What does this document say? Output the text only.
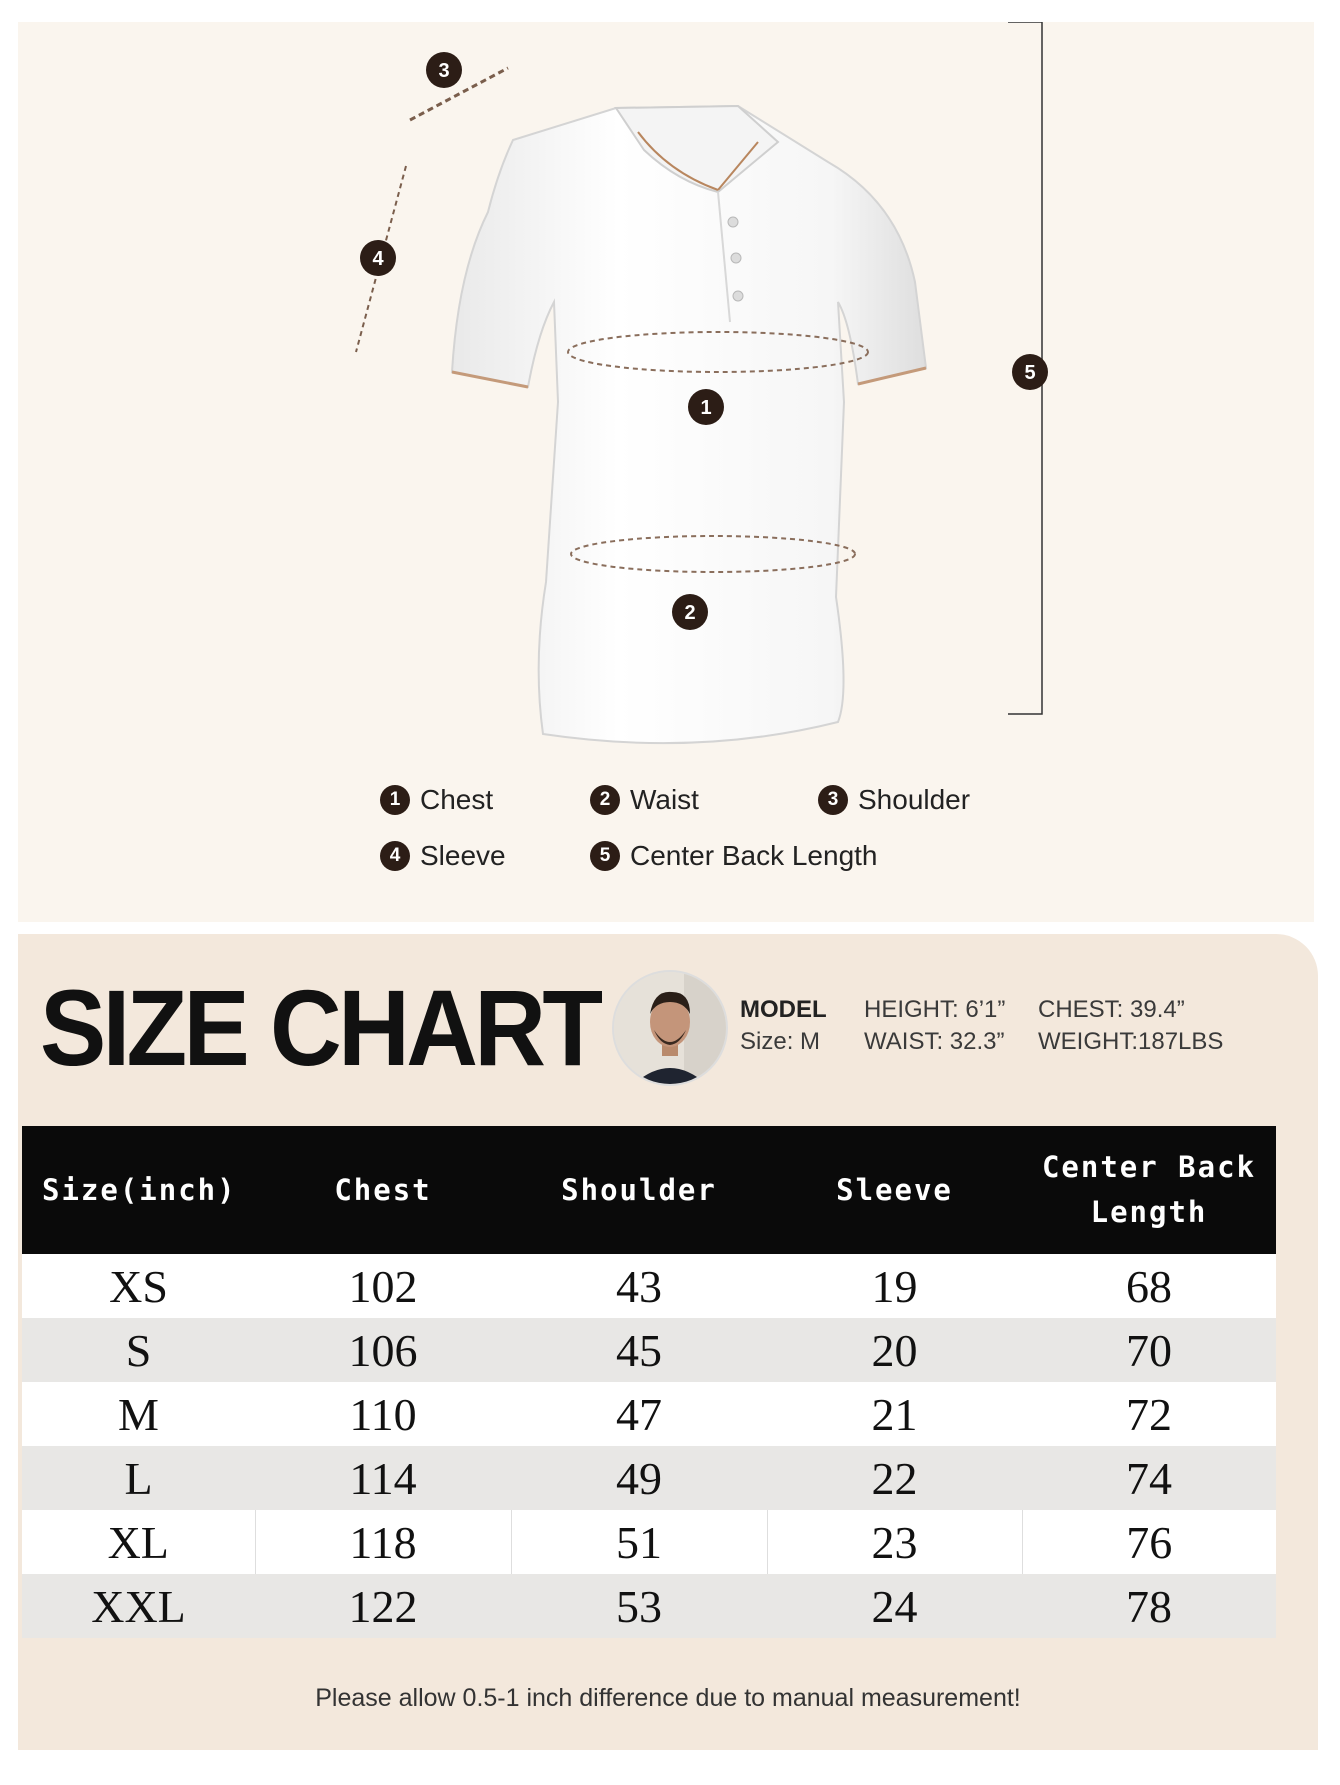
3
4
1
2
5
1 Chest	2 Waist	3 Shoulder
4 Sleeve	5 Center Back Length
SIZE CHART	MODEL
Size: M
HEIGHT: 6’1”
WAIST: 32.3”
CHEST: 39.4”
WEIGHT:187LBS
Size(inch)	Chest	Shoulder	Sleeve	Center Back Length
XS	102	43	19	68
S	106	45	20	70
M	110	47	21	72
L	114	49	22	74
XL	118	51	23	76
XXL	122	53	24	78
Please allow 0.5-1 inch difference due to manual measurement!
